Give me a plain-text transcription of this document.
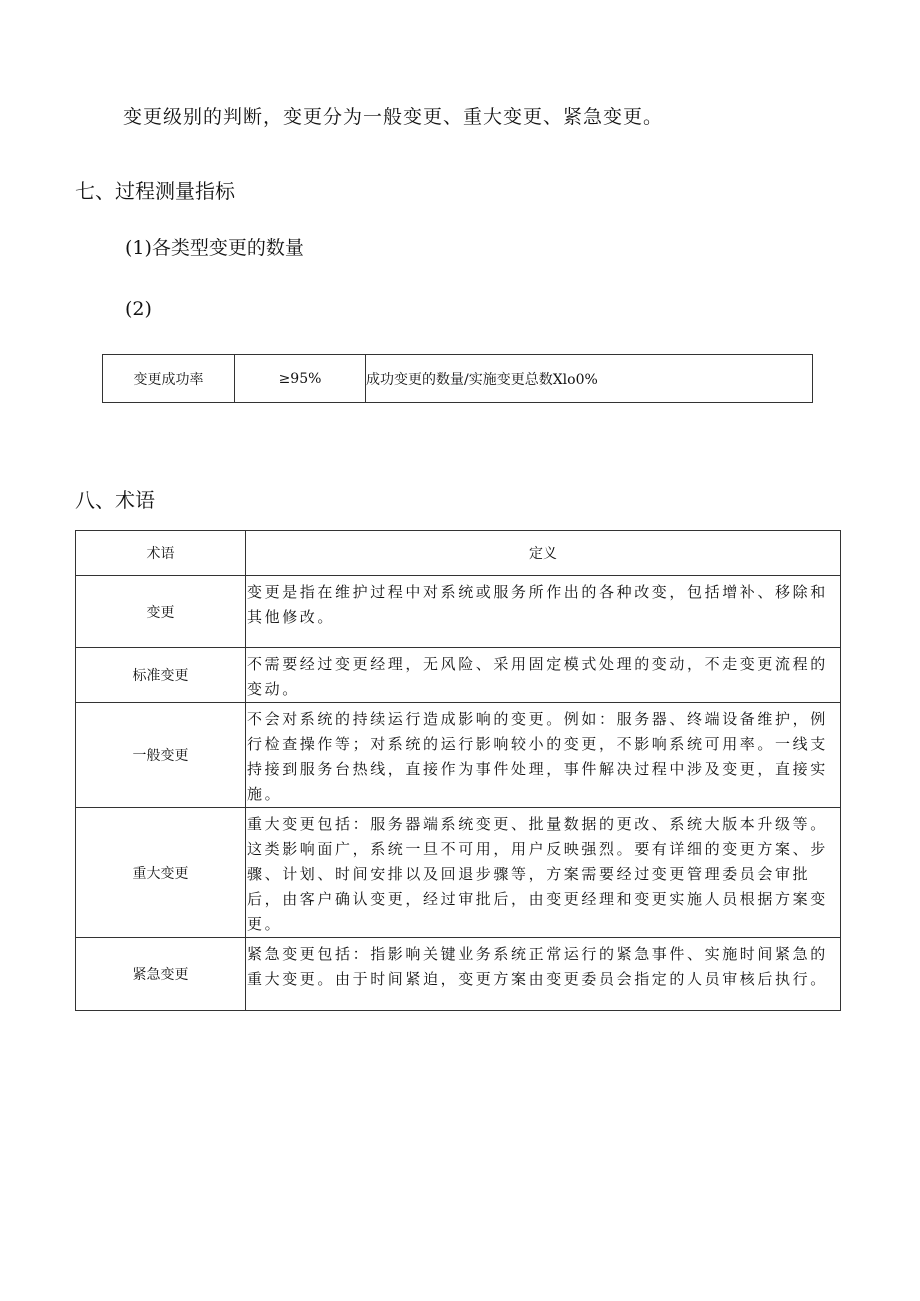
变更级别的判断，变更分为一般变更、重大变更、紧急变更。
七、过程测量指标
(1)各类型变更的数量
(2)
变更成功率	≥95%	成功变更的数量/实施变更总数Xlo0%
八、术语
术语	定义
变更	变更是指在维护过程中对系统或服务所作出的各种改变，包括增补、移除和其他修改。
标准变更	不需要经过变更经理，无风险、采用固定模式处理的变动，不走变更流程的变动。
一般变更	不会对系统的持续运行造成影响的变更。例如：服务器、终端设备维护，例行检查操作等；对系统的运行影响较小的变更，不影响系统可用率。一线支持接到服务台热线，直接作为事件处理，事件解决过程中涉及变更，直接实施。
重大变更	重大变更包括：服务器端系统变更、批量数据的更改、系统大版本升级等。这类影响面广，系统一旦不可用，用户反映强烈。要有详细的变更方案、步骤、计划、时间安排以及回退步骤等，方案需要经过变更管理委员会审批后，由客户确认变更，经过审批后，由变更经理和变更实施人员根据方案变更。
紧急变更	紧急变更包括：指影响关键业务系统正常运行的紧急事件、实施时间紧急的重大变更。由于时间紧迫，变更方案由变更委员会指定的人员审核后执行。
